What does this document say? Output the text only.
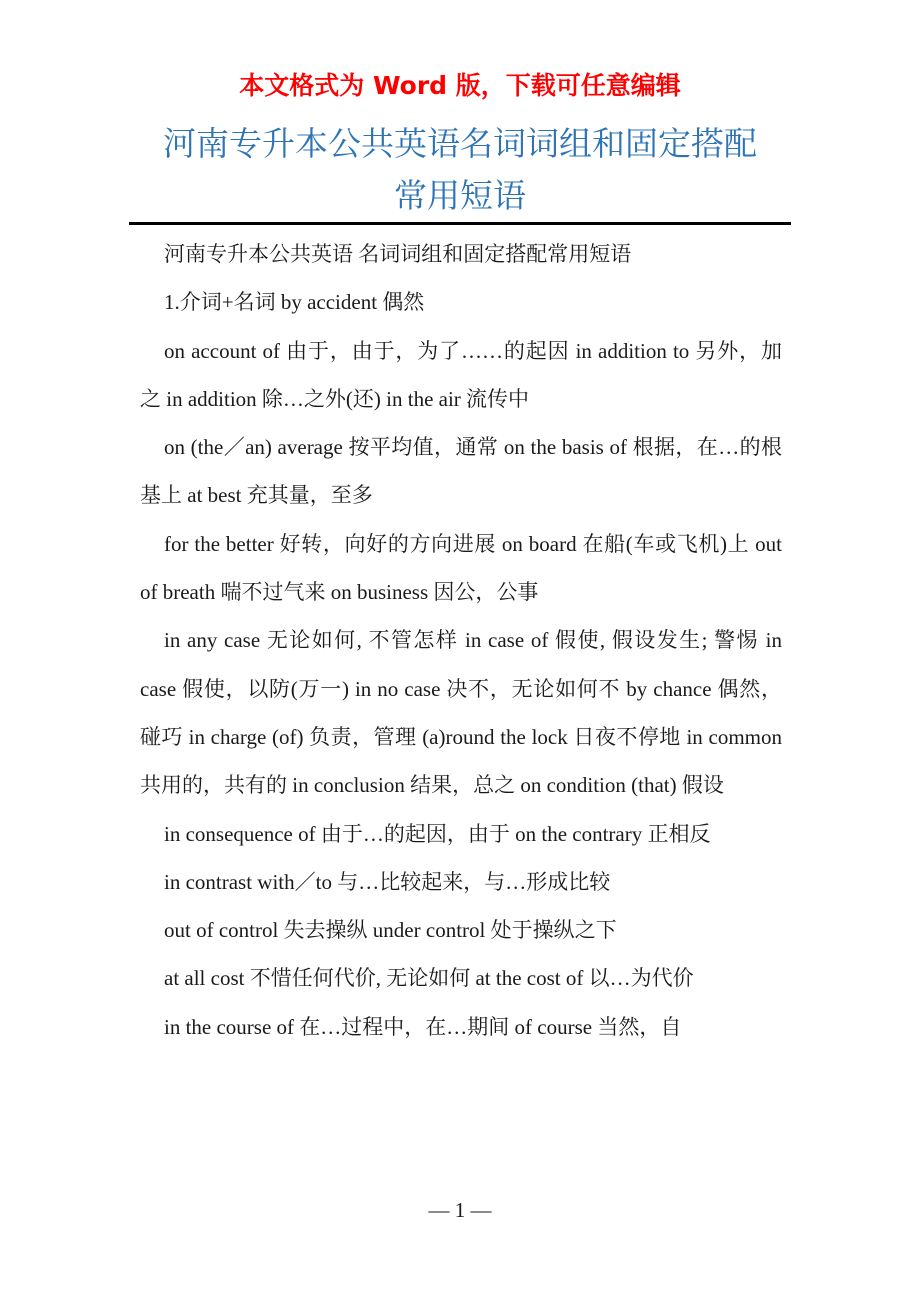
本文格式为 Word 版，下载可任意编辑
河南专升本公共英语名词词组和固定搭配
常用短语

河南专升本公共英语 名词词组和固定搭配常用短语

1.介词+名词 by accident 偶然

on account of 由于，由于，为了……的起因 in addition to 另外，加之 in addition 除…之外(还) in the air 流传中

on (the／an) average 按平均值，通常 on the basis of 根据，在…的根基上 at best 充其量，至多

for the better 好转，向好的方向进展 on board 在船(车或飞机)上 out of breath 喘不过气来 on business 因公，公事

in any case 无论如何, 不管怎样 in case of 假使, 假设发生; 警惕 in case 假使，以防(万一) in no case 决不，无论如何不 by chance 偶然，碰巧 in charge (of) 负责，管理 (a)round the lock 日夜不停地 in common 共用的，共有的 in conclusion 结果，总之 on condition (that) 假设

in consequence of 由于…的起因，由于 on the contrary 正相反

in contrast with／to 与…比较起来，与…形成比较

out of control 失去操纵 under control 处于操纵之下

at all cost 不惜任何代价, 无论如何 at the cost of 以…为代价

in the course of 在…过程中，在…期间 of course 当然，自

— 1 —
